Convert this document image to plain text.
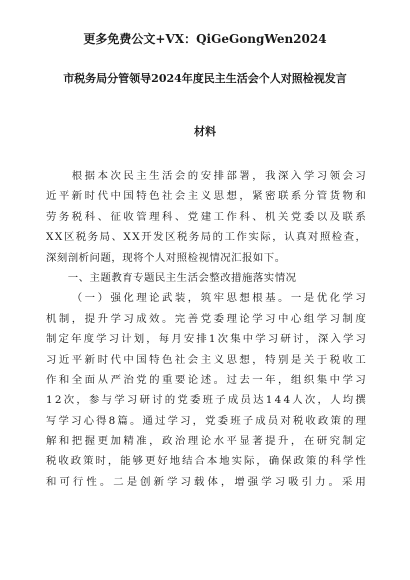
更多免费公文+VX：QiGeGongWen2024
市税务局分管领导2024年度民主生活会个人对照检视发言
材料

根 据 本 次 民 主 生 活 会 的 安 排 部 署 ， 我 深 入 学 习 领 会 习
近 平 新 时 代 中 国 特 色 社 会 主 义 思 想 ， 紧 密 联 系 分 管 货 物 和
劳 务 税 科 、 征 收 管 理 科 、 党 建 工 作 科 、 机 关 党 委 以 及 联 系
X X 区 税 务 局 、 X X 开 发 区 税 务 局 的 工 作 实 际 ， 认 真 对 照 检 查 ，
深刻剖析问题，现将个人对照检视情况汇报如下。
　　一、主题教育专题民主生活会整改措施落实情况

（ 一 ） 强 化 理 论 武 装 ， 筑 牢 思 想 根 基 。 一 是 优 化 学 习
机 制 ， 提 升 学 习 成 效 。 完 善 党 委 理 论 学 习 中 心 组 学 习 制 度
制 定 年 度 学 习 计 划 ， 每 月 安 排 1 次 集 中 学 习 研 讨 ， 深 入 学 习
习 近 平 新 时 代 中 国 特 色 社 会 主 义 思 想 ， 特 别 是 关 于 税 收 工
作 和 全 面 从 严 治 党 的 重 要 论 述 。 过 去 一 年 ， 组 织 集 中 学 习
1 2 次 ， 参 与 学 习 研 讨 的 党 委 班 子 成 员 达 1 4 4 人 次 ， 人 均 撰
写 学 习 心 得 8 篇 。 通 过 学 习 ， 党 委 班 子 成 员 对 税 收 政 策 的 理
解 和 把 握 更 加 精 准 ， 政 治 理 论 水 平 显 著 提 升 ， 在 研 究 制 定
税 收 政 策 时 ， 能 够 更 好 地 结 合 本 地 实 际 ， 确 保 政 策 的 科 学 性
和 可 行 性 。 二 是 创 新 学 习 载 体 ， 增 强 学 习 吸 引 力 。 采 用
